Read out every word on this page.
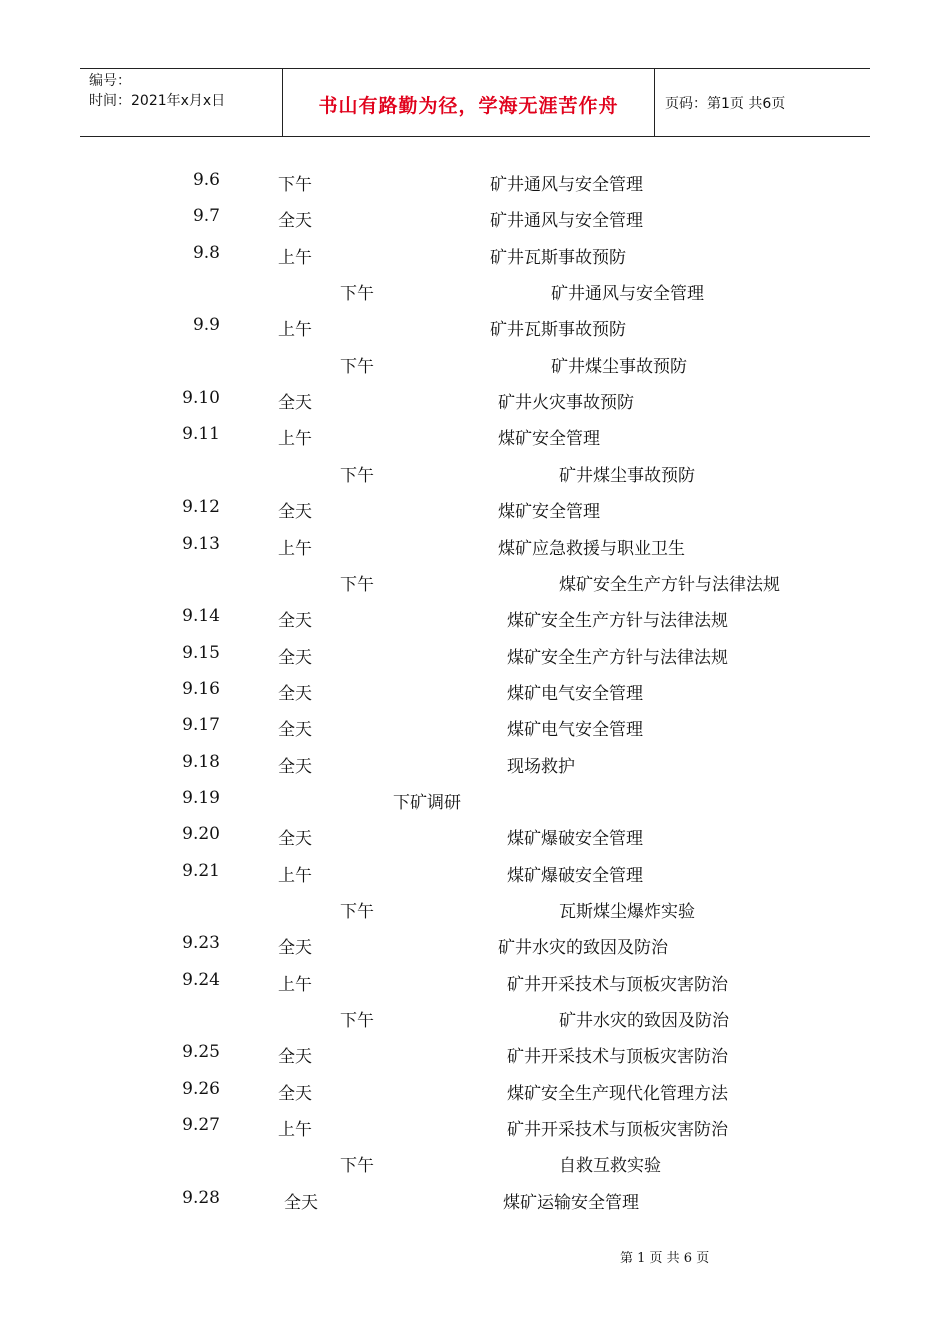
编号：
时间：2021年x月x日	书山有路勤为径，学海无涯苦作舟	页码：第1页 共6页
9.6	下午	矿井通风与安全管理
9.7	全天	矿井通风与安全管理
9.8	上午	矿井瓦斯事故预防
下午	矿井通风与安全管理
9.9	上午	矿井瓦斯事故预防
下午	矿井煤尘事故预防
9.10	全天	矿井火灾事故预防
9.11	上午	煤矿安全管理
下午	矿井煤尘事故预防
9.12	全天	煤矿安全管理
9.13	上午	煤矿应急救援与职业卫生
下午	煤矿安全生产方针与法律法规
9.14	全天	煤矿安全生产方针与法律法规
9.15	全天	煤矿安全生产方针与法律法规
9.16	全天	煤矿电气安全管理
9.17	全天	煤矿电气安全管理
9.18	全天	现场救护
9.19	下矿调研
9.20	全天	煤矿爆破安全管理
9.21	上午	煤矿爆破安全管理
下午	瓦斯煤尘爆炸实验
9.23	全天	矿井水灾的致因及防治
9.24	上午	矿井开采技术与顶板灾害防治
下午	矿井水灾的致因及防治
9.25	全天	矿井开采技术与顶板灾害防治
9.26	全天	煤矿安全生产现代化管理方法
9.27	上午	矿井开采技术与顶板灾害防治
下午	自救互救实验
9.28	全天	煤矿运输安全管理
第 1 页 共 6 页
